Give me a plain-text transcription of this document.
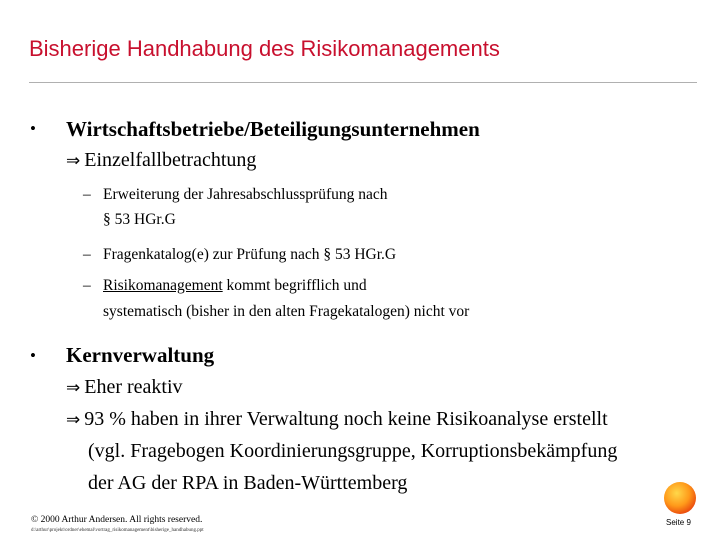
Bisherige Handhabung des Risikomanagements
• Wirtschaftsbetriebe/Beteiligungsunternehmen
⇒ Einzelfallbetrachtung
– Erweiterung der Jahresabschlussprüfung nach
§ 53 HGr.G
– Fragenkatalog(e) zur Prüfung nach § 53 HGr.G
– Risikomanagement kommt begrifflich und
systematisch (bisher in den alten Fragekatalogen) nicht vor
• Kernverwaltung
⇒ Eher reaktiv
⇒ 93 % haben in ihrer Verwaltung noch keine Risikoanalyse erstellt
(vgl. Fragebogen Koordinierungsgruppe, Korruptionsbekämpfung
der AG der RPA in Baden-Württemberg
© 2000 Arthur Andersen. All rights reserved.
d:\arthur\projekt\ordner\ehemal\vortrag_risikomanagement\bisherige_handhabung.ppt
Seite 9
